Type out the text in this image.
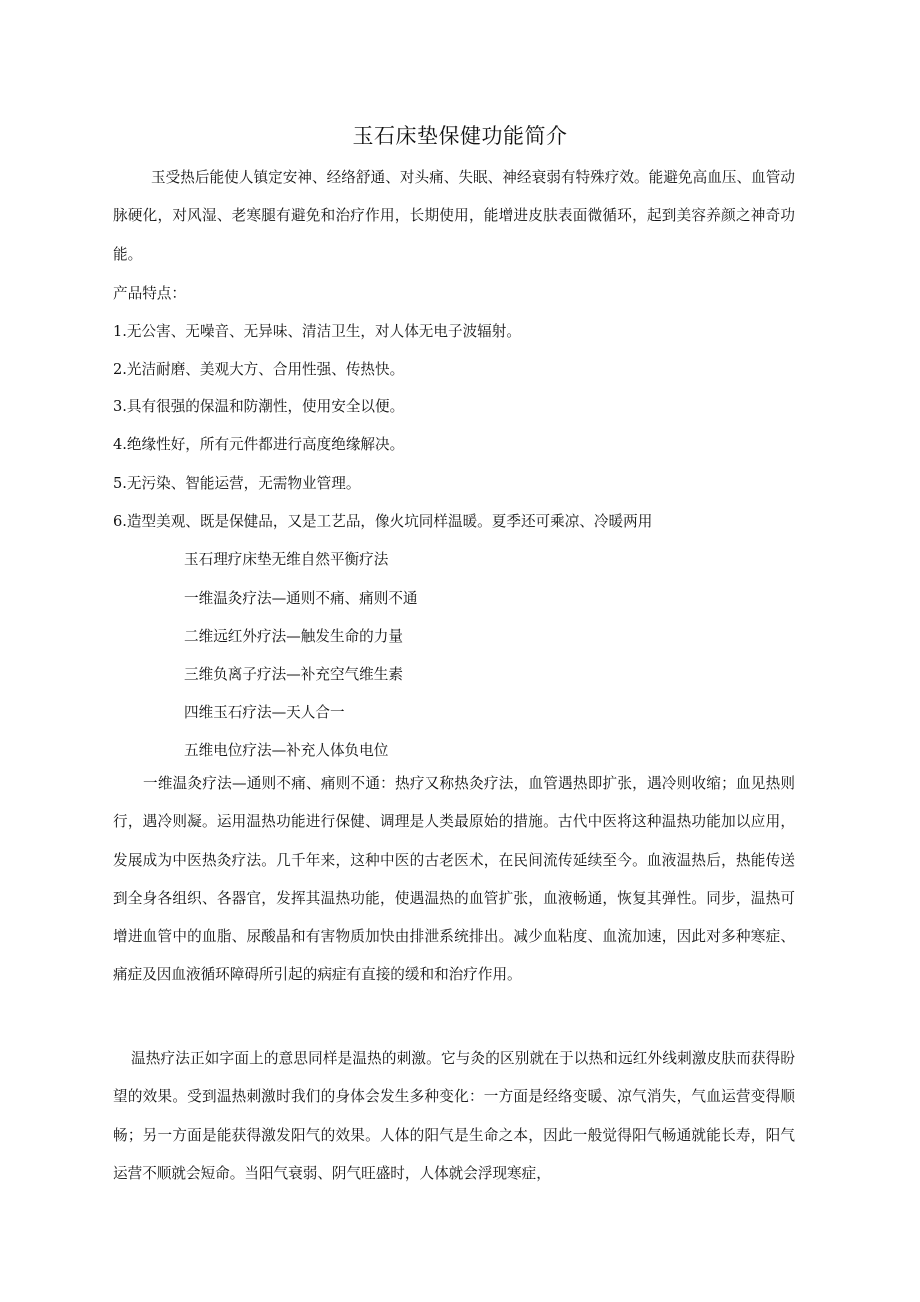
玉石床垫保健功能简介

玉受热后能使人镇定安神、经络舒通、对头痛、失眠、神经衰弱有特殊疗效。能避免高血压、血管动脉硬化，对风湿、老寒腿有避免和治疗作用，长期使用，能增进皮肤表面微循环，起到美容养颜之神奇功能。

产品特点：

1.无公害、无噪音、无异味、清洁卫生，对人体无电子波辐射。

2.光洁耐磨、美观大方、合用性强、传热快。

3.具有很强的保温和防潮性，使用安全以便。

4.绝缘性好，所有元件都进行高度绝缘解决。

5.无污染、智能运营，无需物业管理。

6.造型美观、既是保健品，又是工艺品，像火坑同样温暖。夏季还可乘凉、冷暖两用

玉石理疗床垫无维自然平衡疗法

一维温灸疗法—通则不痛、痛则不通

二维远红外疗法—触发生命的力量

三维负离子疗法—补充空气维生素

四维玉石疗法—天人合一

五维电位疗法—补充人体负电位

一维温灸疗法—通则不痛、痛则不通：热疗又称热灸疗法，血管遇热即扩张，遇冷则收缩；血见热则行，遇冷则凝。运用温热功能进行保健、调理是人类最原始的措施。古代中医将这种温热功能加以应用，发展成为中医热灸疗法。几千年来，这种中医的古老医术，在民间流传延续至今。血液温热后，热能传送到全身各组织、各器官，发挥其温热功能，使遇温热的血管扩张，血液畅通，恢复其弹性。同步，温热可增进血管中的血脂、尿酸晶和有害物质加快由排泄系统排出。减少血粘度、血流加速，因此对多种寒症、痛症及因血液循环障碍所引起的病症有直接的缓和和治疗作用。

温热疗法正如字面上的意思同样是温热的刺激。它与灸的区别就在于以热和远红外线刺激皮肤而获得盼望的效果。受到温热刺激时我们的身体会发生多种变化：一方面是经络变暖、凉气消失，气血运营变得顺畅；另一方面是能获得激发阳气的效果。人体的阳气是生命之本，因此一般觉得阳气畅通就能长寿，阳气运营不顺就会短命。当阳气衰弱、阴气旺盛时，人体就会浮现寒症，
